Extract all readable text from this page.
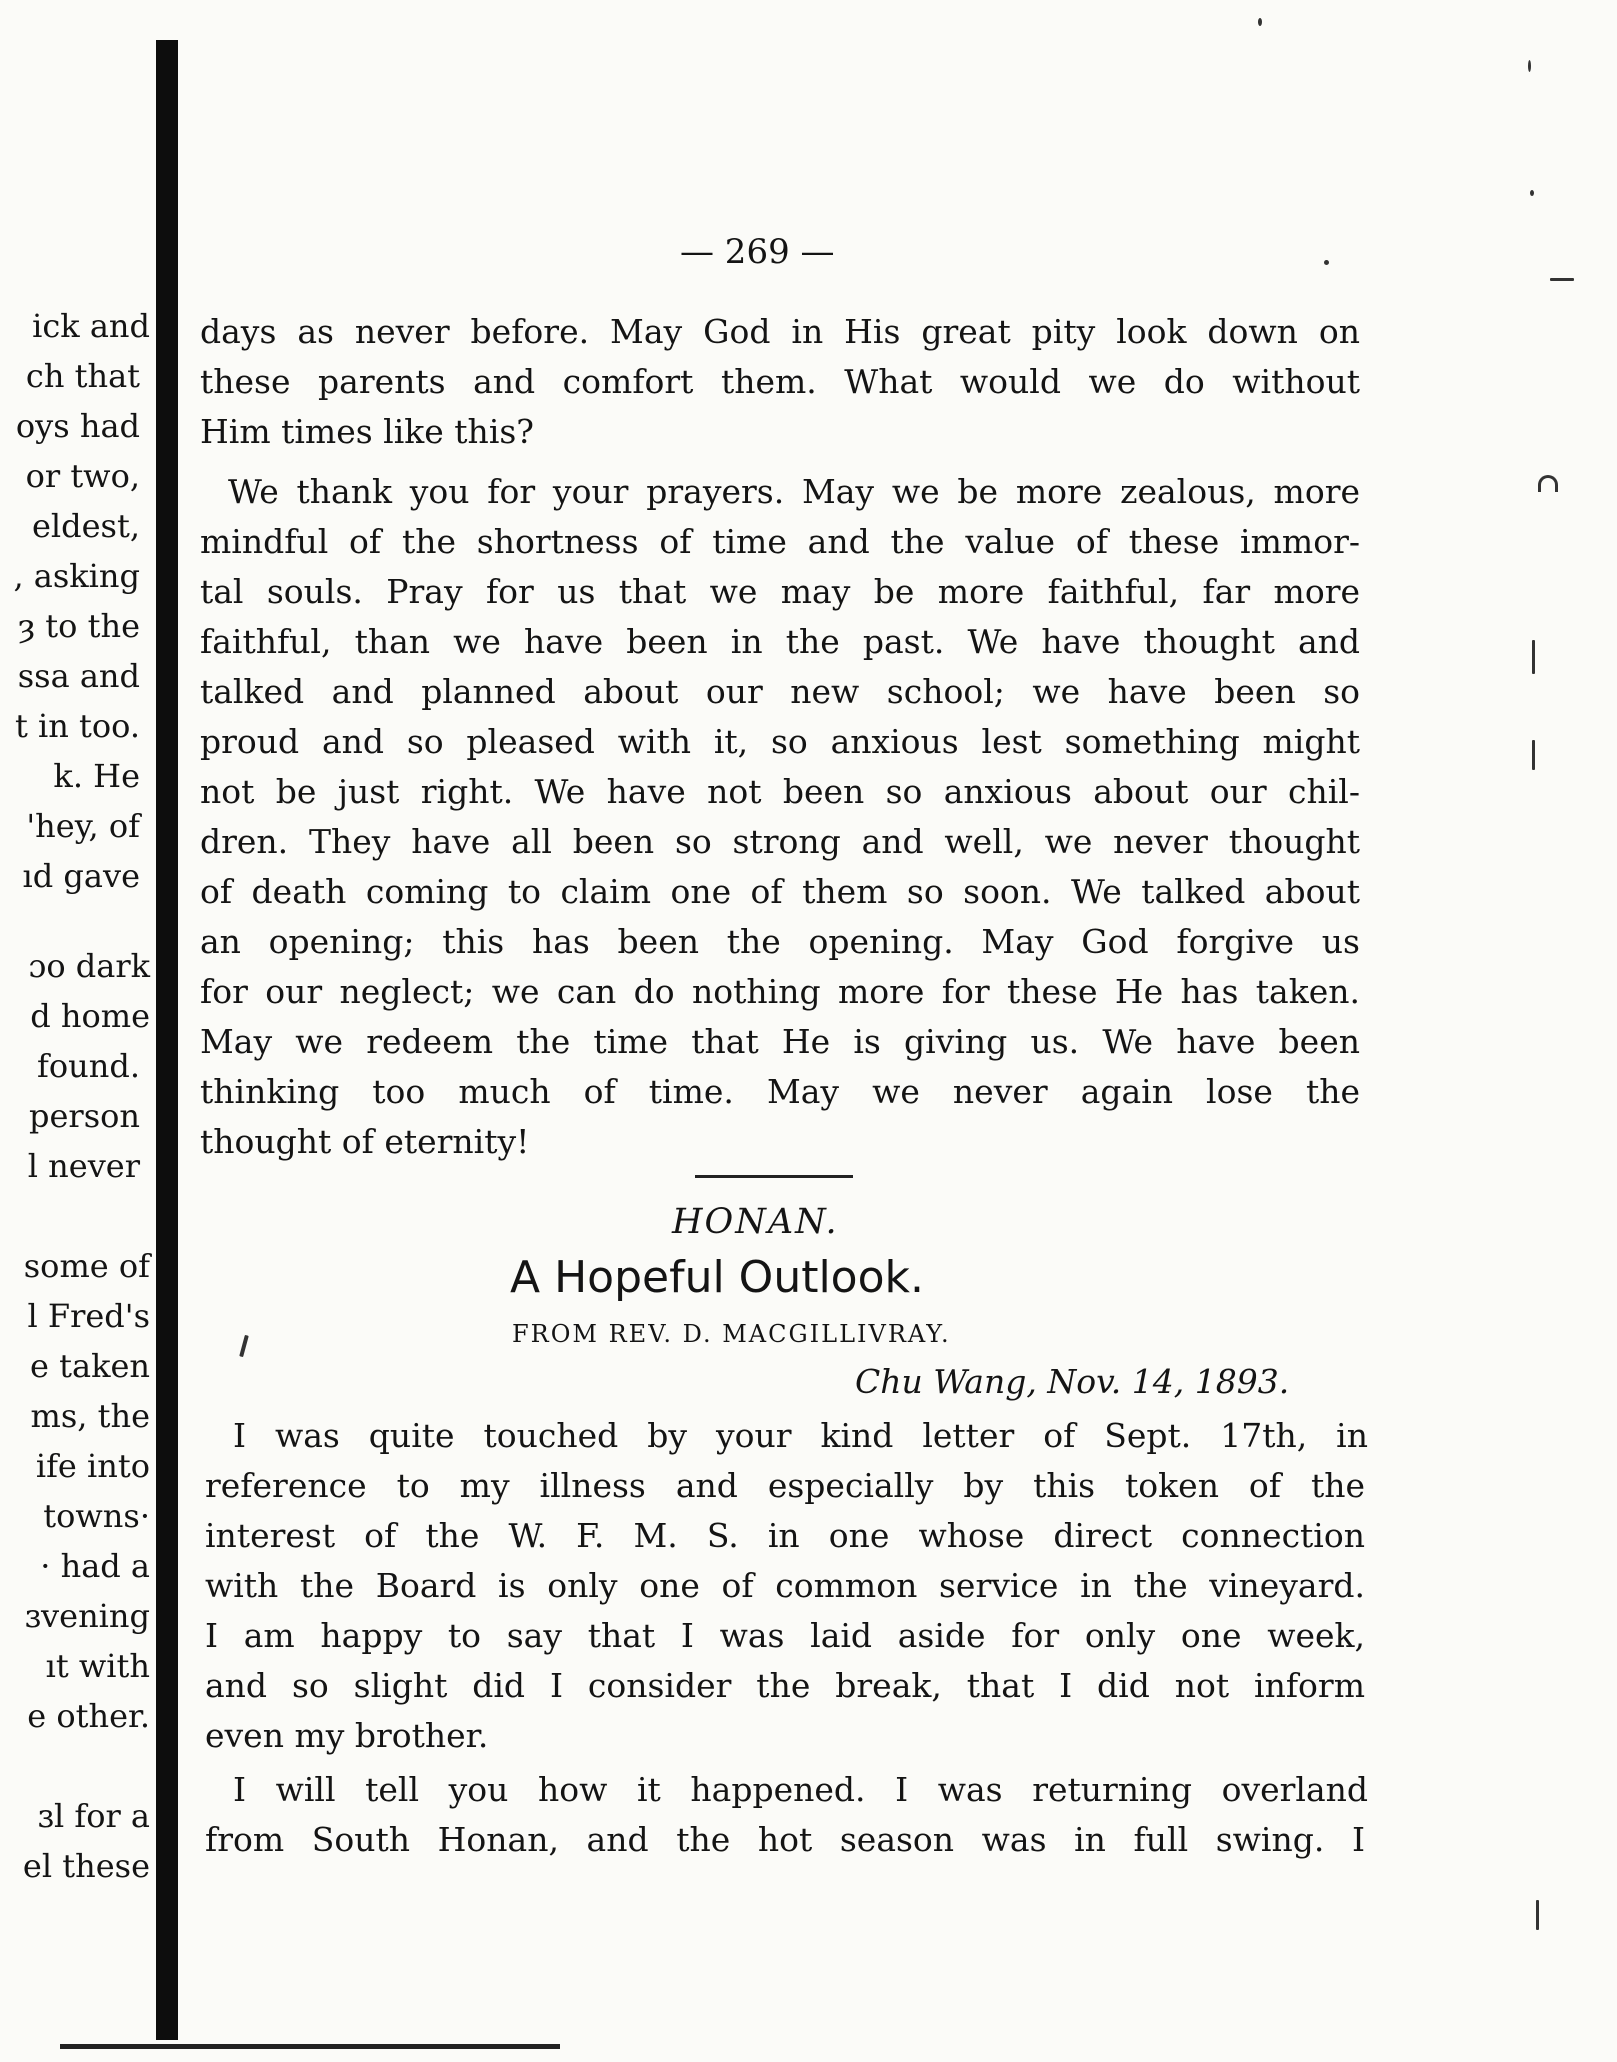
ick and
ch that
oys had
or two,
eldest,
, asking
ȝ to the
ssa and
t in too.
k. He
'hey, of
ıd gave
ɔo dark
d home
found.
person
l never
some of
l Fred's
e taken
ms, the
ife into
towns·
· had a
ɜvening
ıt with
e other.
ɜl for a
el these
— 269 —
days as never before. May God in His great pity look down on
these parents and comfort them. What would we do without
Him times like this?
We thank you for your prayers. May we be more zealous, more
mindful of the shortness of time and the value of these immor-
tal souls. Pray for us that we may be more faithful, far more
faithful, than we have been in the past. We have thought and
talked and planned about our new school; we have been so
proud and so pleased with it, so anxious lest something might
not be just right. We have not been so anxious about our chil-
dren. They have all been so strong and well, we never thought
of death coming to claim one of them so soon. We talked about
an opening; this has been the opening. May God forgive us
for our neglect; we can do nothing more for these He has taken.
May we redeem the time that He is giving us. We have been
thinking too much of time. May we never again lose the
thought of eternity!
HONAN.
A Hopeful Outlook.
FROM REV. D. MACGILLIVRAY.
Chu Wang, Nov. 14, 1893.
I was quite touched by your kind letter of Sept. 17th, in
reference to my illness and especially by this token of the
interest of the W. F. M. S. in one whose direct connection
with the Board is only one of common service in the vineyard.
I am happy to say that I was laid aside for only one week,
and so slight did I consider the break, that I did not inform
even my brother.
I will tell you how it happened. I was returning overland
from South Honan, and the hot season was in full swing. I
